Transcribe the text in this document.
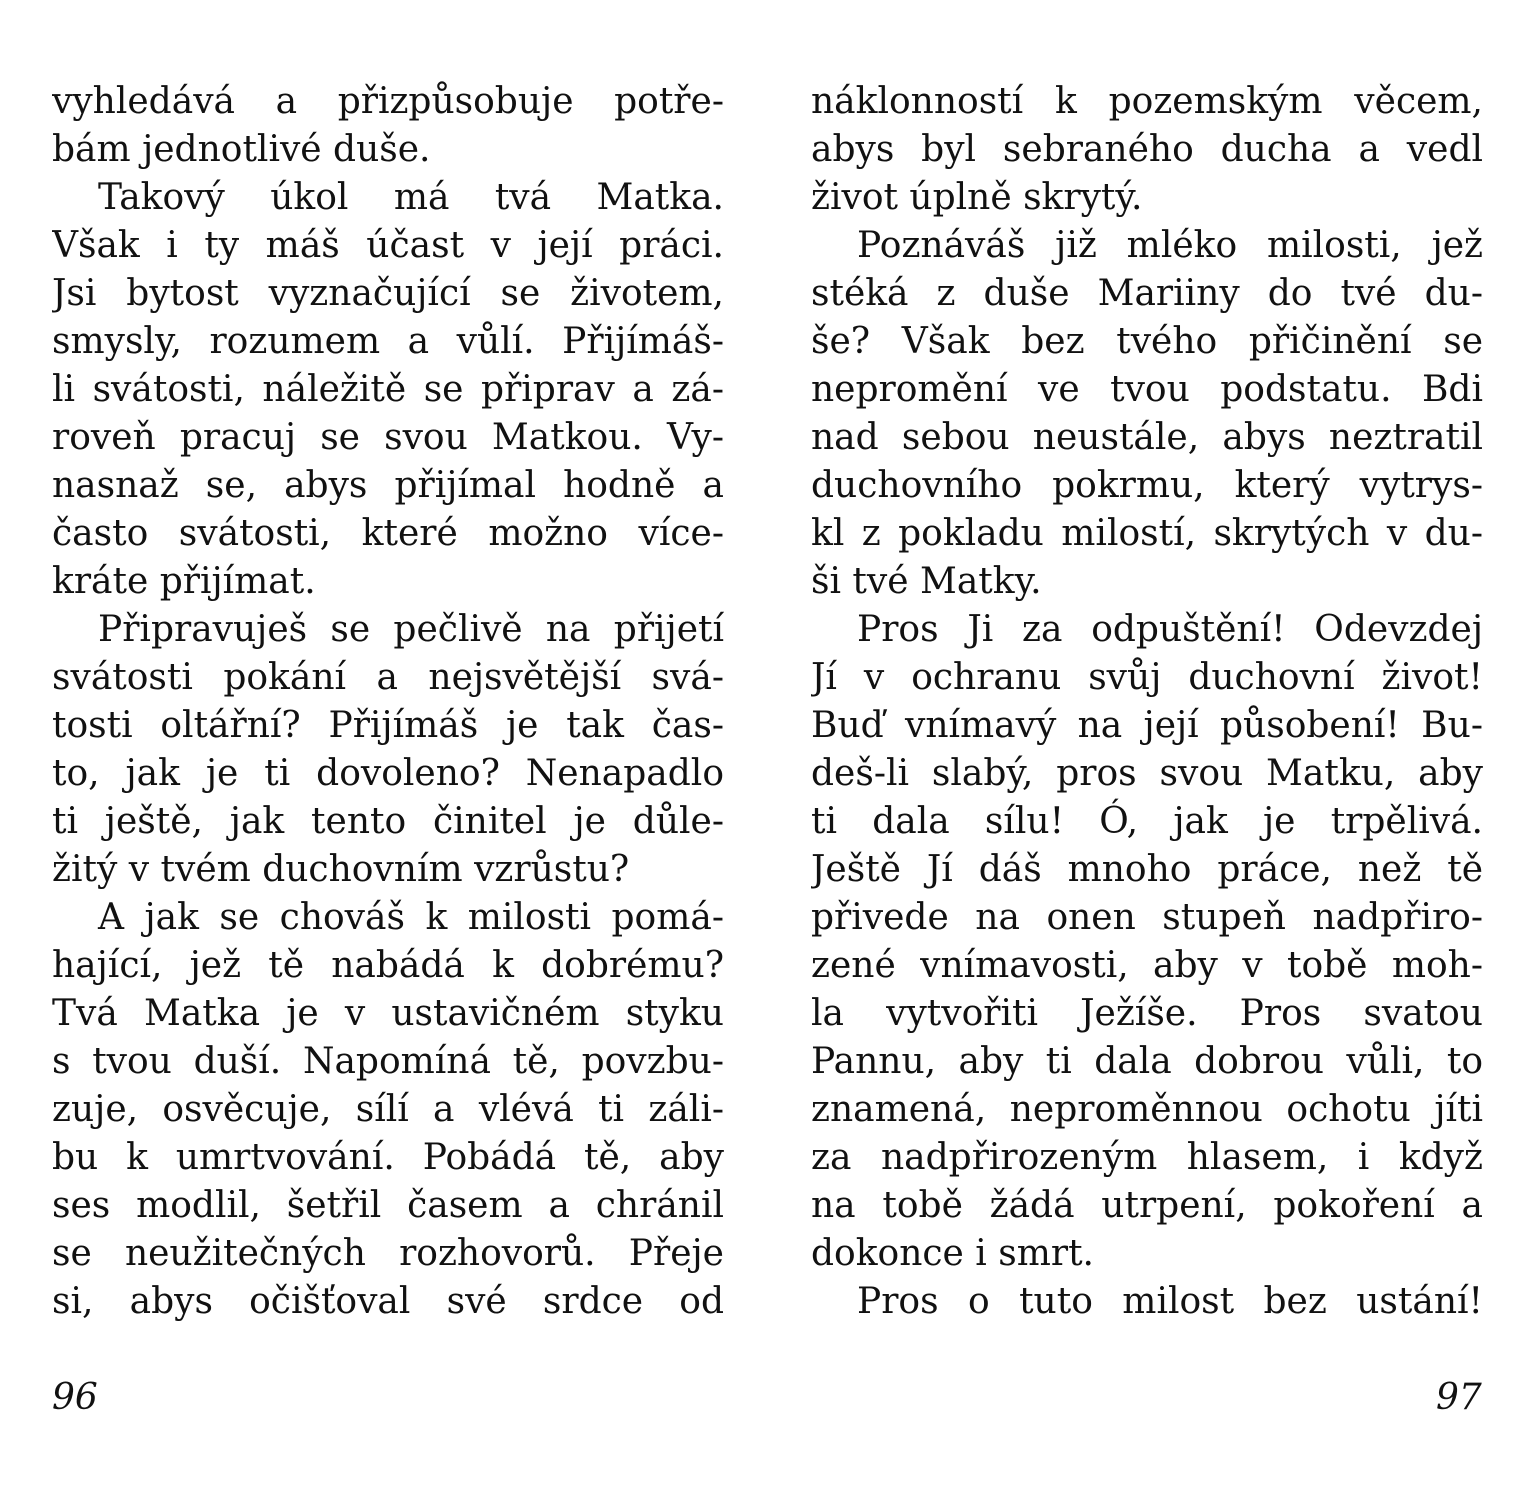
vyhledává a přizpůsobuje potře-
bám jednotlivé duše.
Takový úkol má tvá Matka.
Však i ty máš účast v její práci.
Jsi bytost vyznačující se životem,
smysly, rozumem a vůlí. Přijímáš-
li svátosti, náležitě se připrav a zá-
roveň pracuj se svou Matkou. Vy-
nasnaž se, abys přijímal hodně a
často svátosti, které možno více-
kráte přijímat.
Připravuješ se pečlivě na přijetí
svátosti pokání a nejsvětější svá-
tosti oltářní? Přijímáš je tak čas-
to, jak je ti dovoleno? Nenapadlo
ti ještě, jak tento činitel je důle-
žitý v tvém duchovním vzrůstu?
A jak se chováš k milosti pomá-
hající, jež tě nabádá k dobrému?
Tvá Matka je v ustavičném styku
s tvou duší. Napomíná tě, povzbu-
zuje, osvěcuje, sílí a vlévá ti záli-
bu k umrtvování. Pobádá tě, aby
ses modlil, šetřil časem a chránil
se neužitečných rozhovorů. Přeje
si, abys očišťoval své srdce od
náklonností k pozemským věcem,
abys byl sebraného ducha a vedl
život úplně skrytý.
Poznáváš již mléko milosti, jež
stéká z duše Mariiny do tvé du-
še? Však bez tvého přičinění se
nepromění ve tvou podstatu. Bdi
nad sebou neustále, abys neztratil
duchovního pokrmu, který vytrys-
kl z pokladu milostí, skrytých v du-
ši tvé Matky.
Pros Ji za odpuštění! Odevzdej
Jí v ochranu svůj duchovní život!
Buď vnímavý na její působení! Bu-
deš-li slabý, pros svou Matku, aby
ti dala sílu! Ó, jak je trpělivá.
Ještě Jí dáš mnoho práce, než tě
přivede na onen stupeň nadpřiro-
zené vnímavosti, aby v tobě moh-
la vytvořiti Ježíše. Pros svatou
Pannu, aby ti dala dobrou vůli, to
znamená, neproměnnou ochotu jíti
za nadpřirozeným hlasem, i když
na tobě žádá utrpení, pokoření a
dokonce i smrt.
Pros o tuto milost bez ustání!
96	97
